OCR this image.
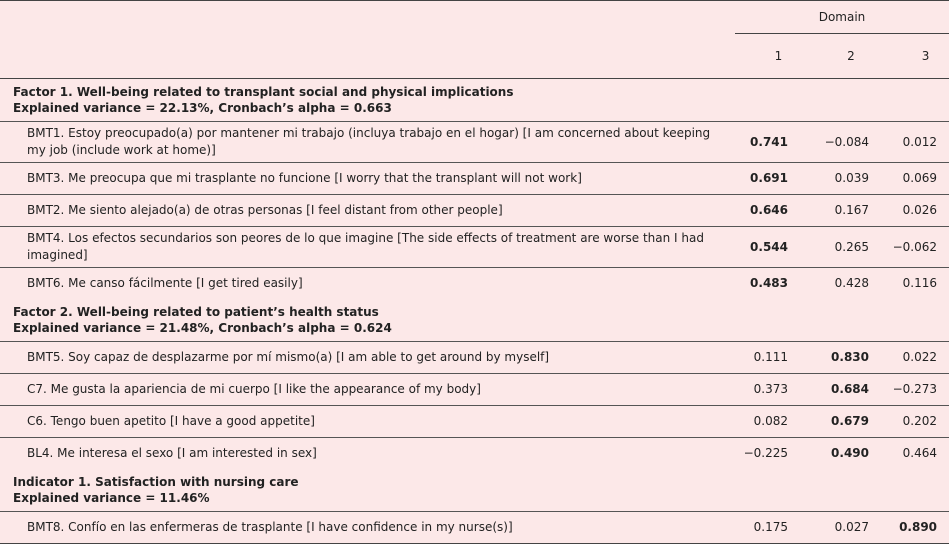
	Domain		
	1	2	3

Factor 1. Well-being related to transplant social and physical implications
Explained variance = 22.13%, Cronbach’s alpha = 0.663			

BMT1. Estoy preocupado(a) por mantener mi trabajo (incluya trabajo en el hogar) [I am concerned about keeping my job (include work at home)]	0.741	−0.084	0.012
BMT3. Me preocupa que mi trasplante no funcione [I worry that the transplant will not work]	0.691	0.039	0.069
BMT2. Me siento alejado(a) de otras personas [I feel distant from other people]	0.646	0.167	0.026
BMT4. Los efectos secundarios son peores de lo que imagine [The side effects of treatment are worse than I had imagined]	0.544	0.265	−0.062
BMT6. Me canso fácilmente [I get tired easily]	0.483	0.428	0.116

Factor 2. Well-being related to patient’s health status
Explained variance = 21.48%, Cronbach’s alpha = 0.624			

BMT5. Soy capaz de desplazarme por mí mismo(a) [I am able to get around by myself]	0.111	0.830	0.022
C7. Me gusta la apariencia de mi cuerpo [I like the appearance of my body]	0.373	0.684	−0.273
C6. Tengo buen apetito [I have a good appetite]	0.082	0.679	0.202
BL4. Me interesa el sexo [I am interested in sex]	−0.225	0.490	0.464

Indicator 1. Satisfaction with nursing care
Explained variance = 11.46%			

BMT8. Confío en las enfermeras de trasplante [I have confidence in my nurse(s)]	0.175	0.027	0.890
